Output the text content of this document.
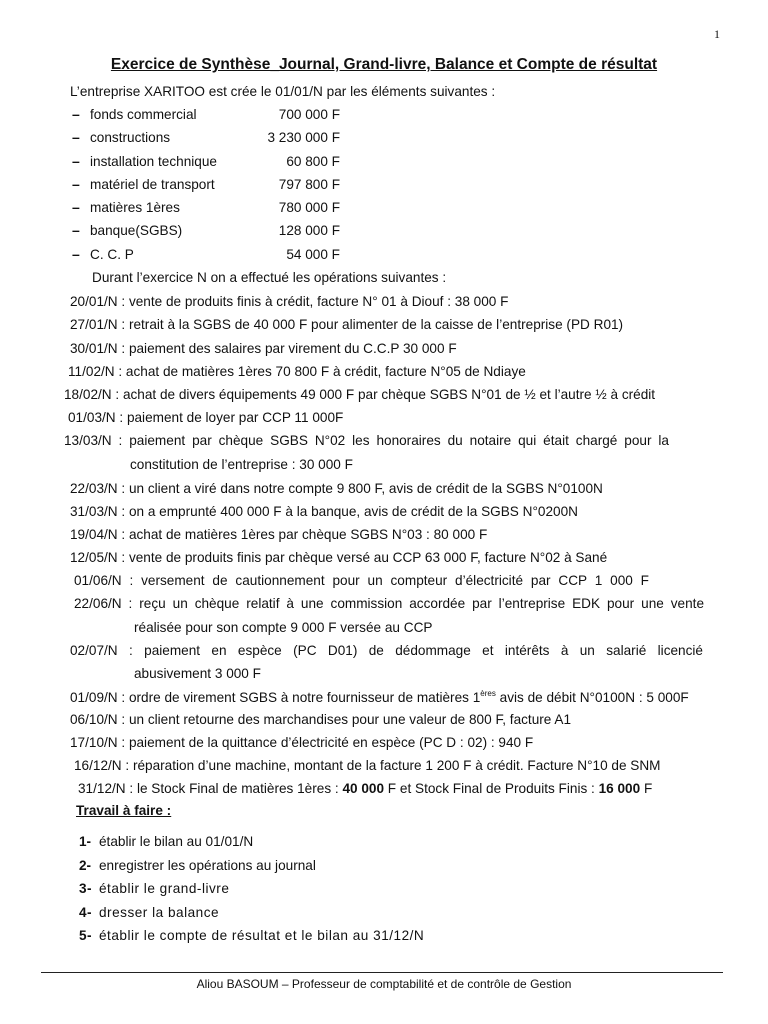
1
Exercice de Synthèse_Journal, Grand-livre, Balance et Compte de résultat
L’entreprise XARITOO est crée le 01/01/N par les éléments suivantes :
– fonds commercial	700 000 F
– constructions	3 230 000 F
– installation technique	60 800 F
– matériel de transport	797 800 F
– matières 1ères	780 000 F
– banque(SGBS)	128 000 F
– C. C. P	54 000 F
Durant l’exercice N on a effectué les opérations suivantes :
20/01/N : vente de produits finis à crédit, facture N° 01 à Diouf : 38 000 F
27/01/N : retrait à la SGBS de 40 000 F pour alimenter de la caisse de l’entreprise (PD R01)
30/01/N : paiement des salaires par virement du C.C.P 30 000 F
11/02/N : achat de matières 1ères 70 800 F à crédit, facture N°05 de Ndiaye
18/02/N : achat de divers équipements 49 000 F par chèque SGBS N°01 de ½ et l’autre ½ à crédit
01/03/N : paiement de loyer par CCP 11 000F
13/03/N : paiement par chèque SGBS N°02 les honoraires du notaire qui était chargé pour la
constitution de l’entreprise : 30 000 F
22/03/N : un client a viré dans notre compte 9 800 F, avis de crédit de la SGBS N°0100N
31/03/N : on a emprunté 400 000 F à la banque, avis de crédit de la SGBS N°0200N
19/04/N : achat de matières 1ères par chèque SGBS N°03 : 80 000 F
12/05/N : vente de produits finis par chèque versé au CCP 63 000 F, facture N°02 à Sané
01/06/N : versement de cautionnement pour un compteur d’électricité par CCP 1 000 F
22/06/N : reçu un chèque relatif à une commission accordée par l’entreprise EDK pour une vente
réalisée pour son compte 9 000 F versée au CCP
02/07/N : paiement en espèce (PC D01) de dédommage et intérêts à un salarié licencié
abusivement 3 000 F
01/09/N : ordre de virement SGBS à notre fournisseur de matières 1ères avis de débit N°0100N : 5 000F
06/10/N : un client retourne des marchandises pour une valeur de 800 F, facture A1
17/10/N : paiement de la quittance d’électricité en espèce (PC D : 02) : 940 F
16/12/N : réparation d’une machine, montant de la facture 1 200 F à crédit. Facture N°10 de SNM
31/12/N : le Stock Final de matières 1ères : 40 000 F et Stock Final de Produits Finis : 16 000 F
Travail à faire :
1- établir le bilan au 01/01/N
2- enregistrer les opérations au journal
3- établir le grand-livre
4- dresser la balance
5- établir le compte de résultat et le bilan au 31/12/N
Aliou BASOUM – Professeur de comptabilité et de contrôle de Gestion
